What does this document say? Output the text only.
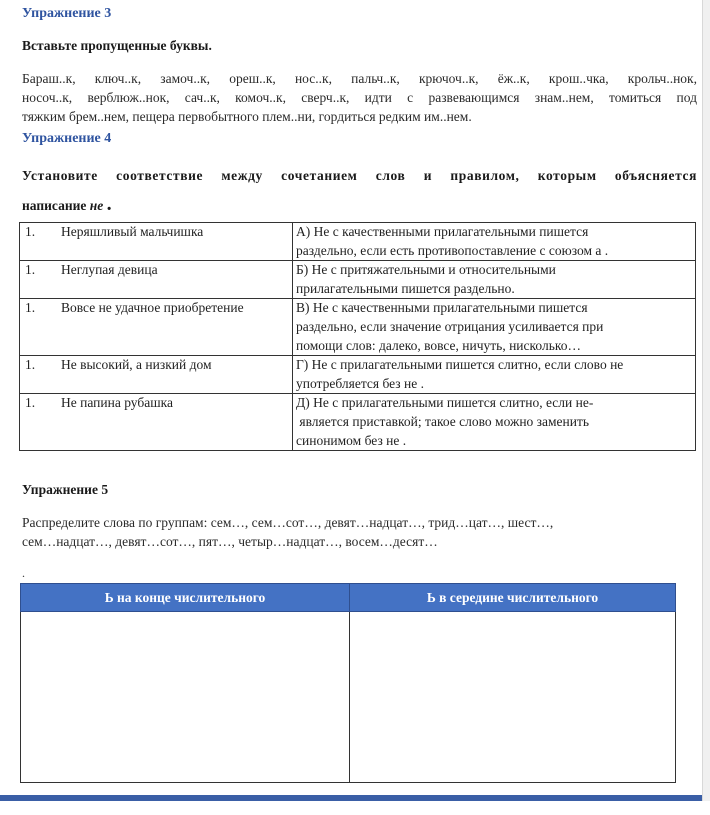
Упражнение 3
Вставьте пропущенные буквы.
Бараш..к, ключ..к, замоч..к, ореш..к, нос..к, пальч..к, крючоч..к, ёж..к, крош..чка, крольч..нок,
носоч..к, верблюж..нок, сач..к, комоч..к, сверч..к, идти с развевающимся знам..нем, томиться под
тяжким брем..нем, пещера первобытного плем..ни, гордиться редким им..нем.
Упражнение 4
Установите соответствие между сочетанием слов и правилом, которым объясняется
написание не .
1. Неряшливый мальчишка	А) Не с качественными прилагательными пишется
раздельно, если есть противопоставление с союзом а .

1. Неглупая девица	Б) Не с притяжательными и относительными
прилагательными пишется раздельно.

1. Вовсе не удачное приобретение	В) Не с качественными прилагательными пишется
раздельно, если значение отрицания усиливается при
помощи слов: далеко, вовсе, ничуть, нисколько…

1. Не высокий, а низкий дом	Г) Не с прилагательными пишется слитно, если слово не
употребляется без не .

1. Не папина рубашка	Д) Не с прилагательными пишется слитно, если не-
является приставкой; такое слово можно заменить
синонимом без не .
Упражнение 5
Распределите слова по группам: сем…, сем…сот…, девят…надцат…, трид…цат…, шест…,
сем…надцат…, девят…сот…, пят…, четыр…надцат…, восем…десят…
.
Ь на конце числительного	Ь в середине числительного
